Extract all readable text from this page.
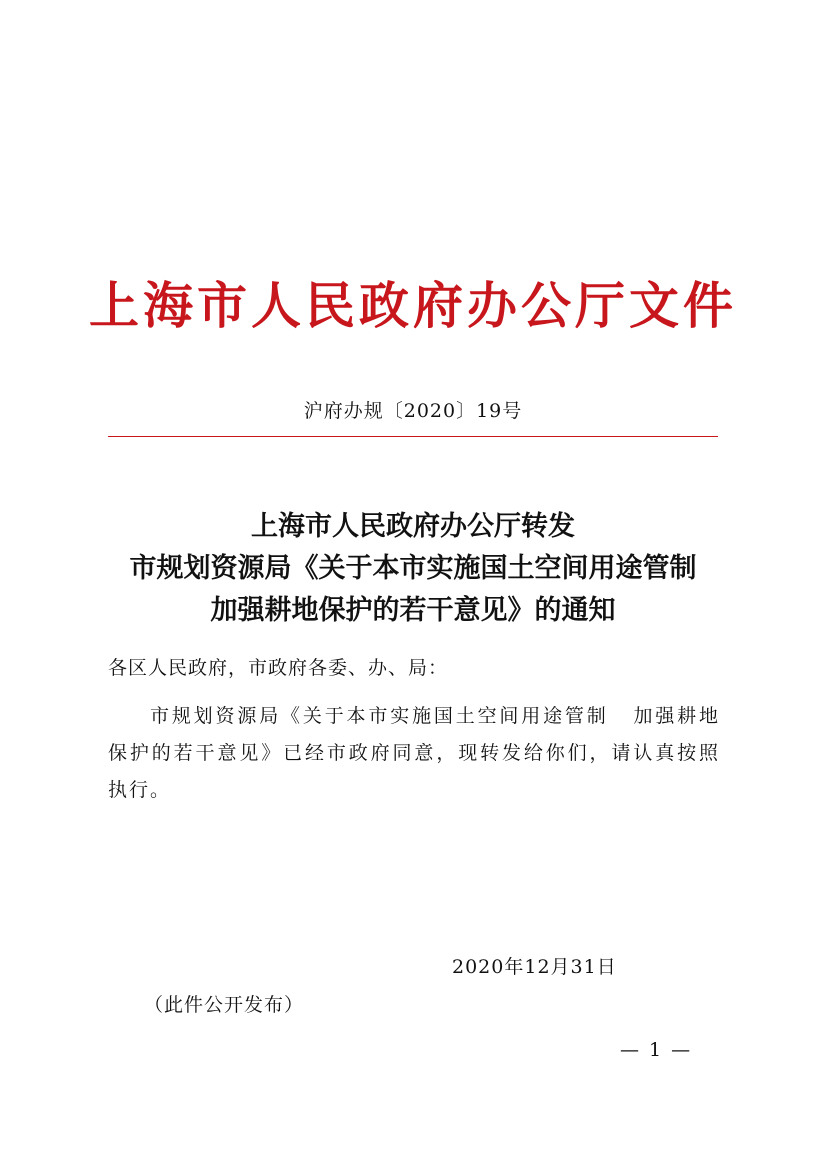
上海市人民政府办公厅文件
沪府办规〔2020〕19号
上海市人民政府办公厅转发
市规划资源局《关于本市实施国土空间用途管制
加强耕地保护的若干意见》的通知
各区人民政府，市政府各委、办、局：
市规划资源局《关于本市实施国土空间用途管制 加强耕地
保护的若干意见》已经市政府同意，现转发给你们，请认真按照
执行。
2020年12月31日
（此件公开发布）
— 1 —
